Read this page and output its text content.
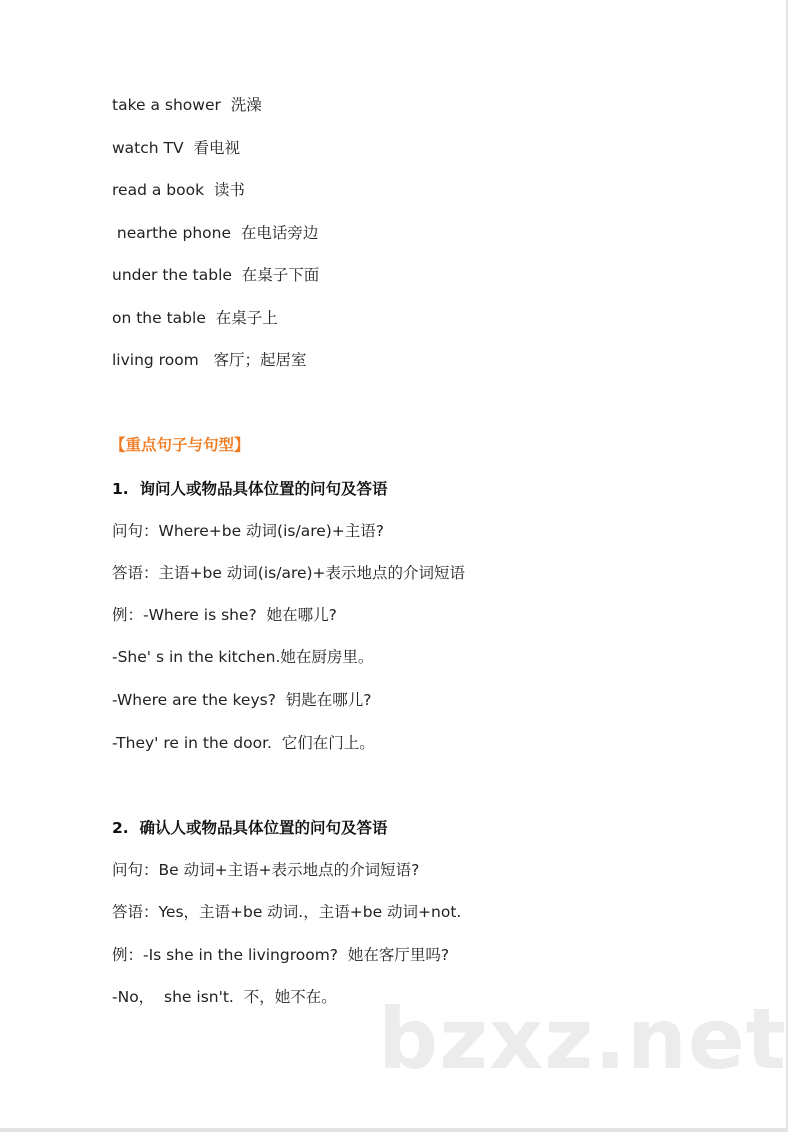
take a shower  洗澡
watch TV  看电视
read a book  读书
nearthe phone  在电话旁边
under the table  在桌子下面
on the table  在桌子上
living room   客厅；起居室
【重点句子与句型】
1.  询问人或物品具体位置的问句及答语
问句：Where+be 动词(is/are)+主语?
答语：主语+be 动词(is/are)+表示地点的介词短语
例：-Where is she?  她在哪儿?
-She' s in the kitchen.她在厨房里。
-Where are the keys?  钥匙在哪儿?
-They' re in the door.  它们在门上。
2.  确认人或物品具体位置的问句及答语
问句：Be 动词+主语+表示地点的介词短语?
答语：Yes，主语+be 动词.，主语+be 动词+not.
例：-Is she in the livingroom?  她在客厅里吗?
-No，  she isn't.  不，她不在。 bzxz.net
